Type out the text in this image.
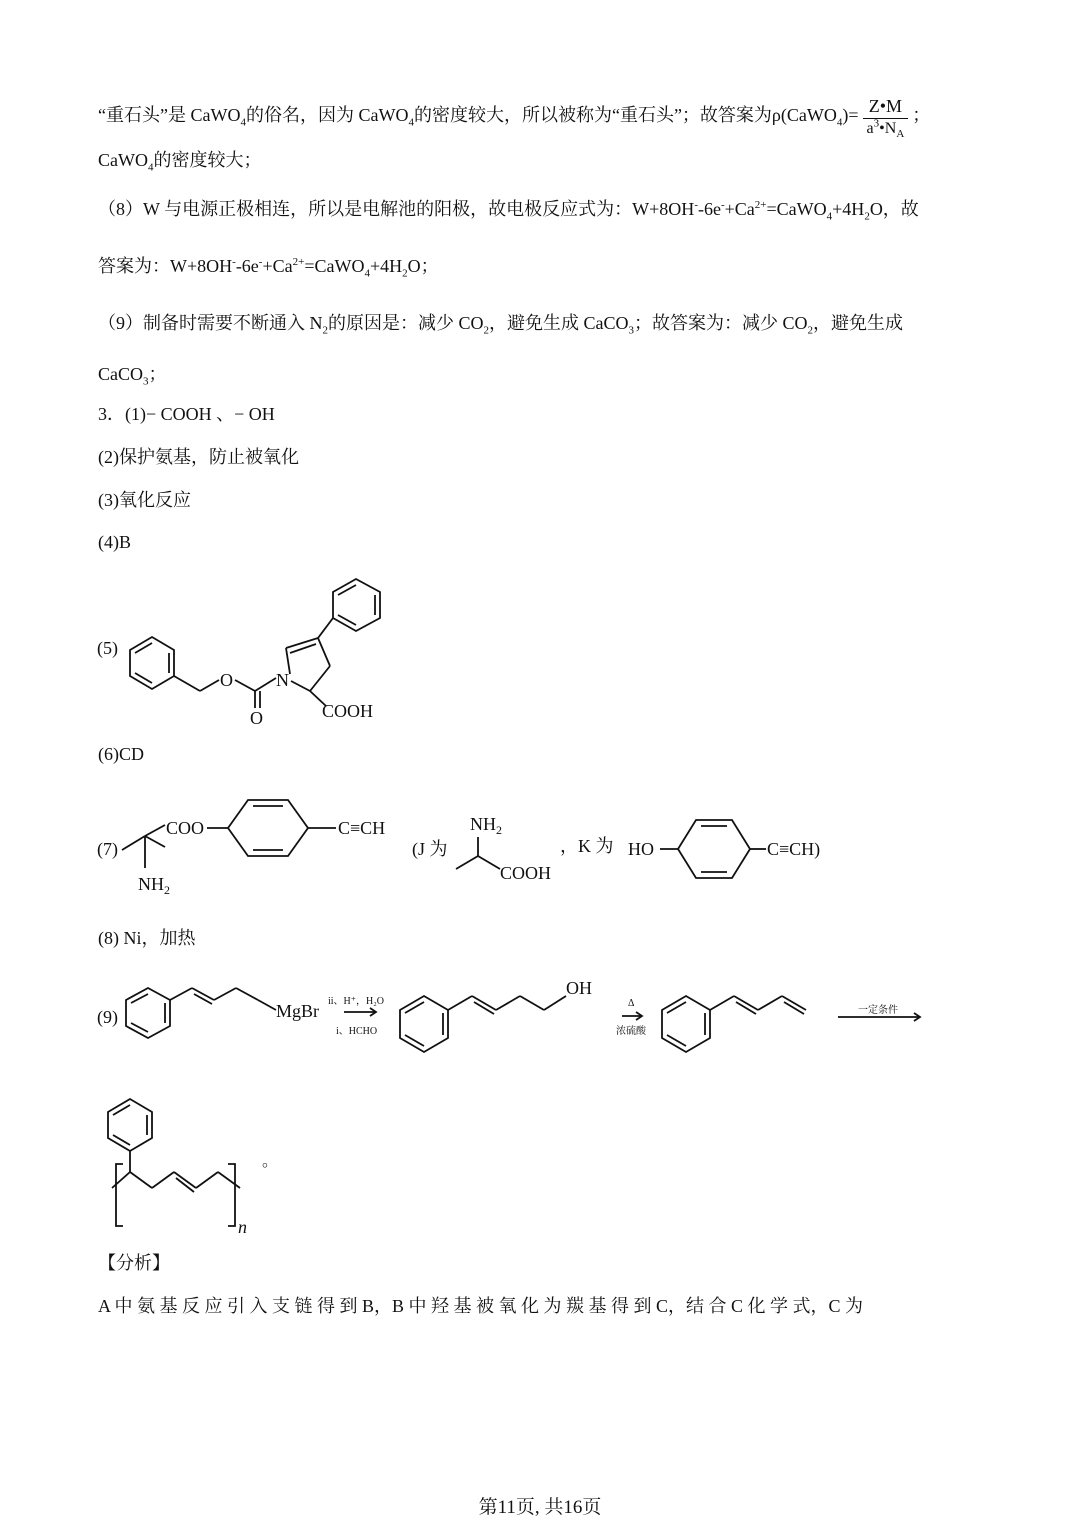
“重石头”是 CaWO$_4$的俗名，因为 CaWO$_4$的密度较大，所以被称为“重石头”；故答案为ρ(CaWO$_4$)= $\frac{Z•M}{a^3•N_A}$ ；
CaWO$_4$的密度较大；
（8）W 与电源正极相连，所以是电解池的阳极，故电极反应式为：$W+8OH^--6e^-+Ca^{2+}=CaWO_4+4H_2O$，故
答案为：$W+8OH^--6e^-+Ca^{2+}=CaWO_4+4H_2O$；
（9）制备时需要不断通入 $N_2$的原因是：减少 $CO_2$，避免生成 CaCO$_3$；故答案为：减少 $CO_2$，避免生成
CaCO$_3$；
3．(1)− COOH 、− OH
(2)保护氨基，防止被氧化
(3)氧化反应
(4)B
(5)
O
O
N
COOH
(6)CD
(7)
$NH_2$
COO	C≡CH
(J 为
$NH_2$
COOH
，K 为 HO	C≡CH)
(8) Ni，加热
(9)	MgBr ii、H⁺，H₂O
i、HCHO
OH
Δ
浓硫酸
一定条件
n
。
【分析】
A 中 氨 基 反 应 引 入 支 链 得 到 B，B 中 羟 基 被 氧 化 为 羰 基 得 到 C，结 合 C 化 学 式，C 为
第11页, 共16页
